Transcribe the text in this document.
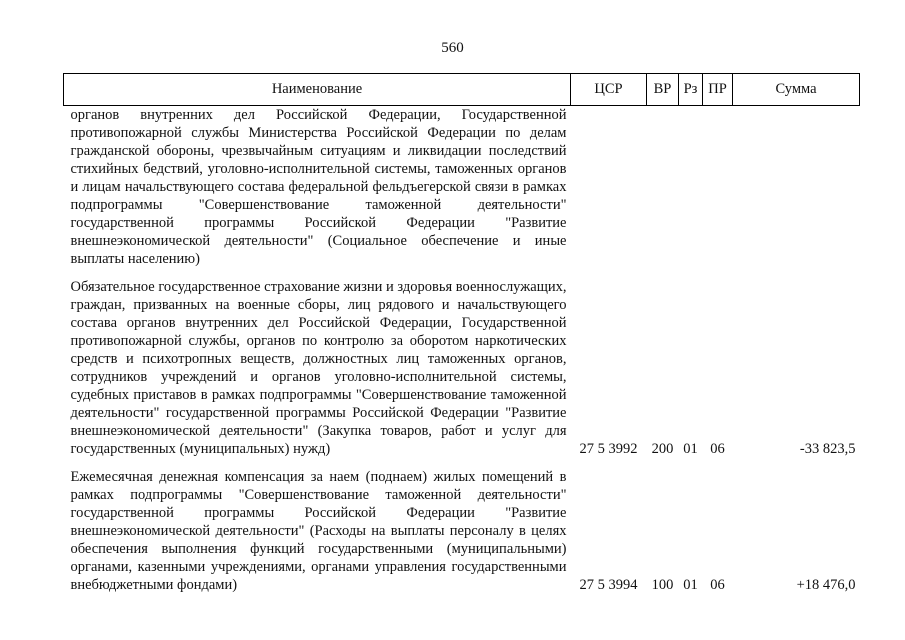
560
Наименование	ЦСР	ВР	Рз	ПР	Сумма

органов внутренних дел Российской Федерации, Государственной противопожарной службы Министерства Российской Федерации по делам гражданской обороны, чрезвычайным ситуациям и ликвидации последствий стихийных бедствий, уголовно-исполнительной системы, таможенных органов и лицам начальствующего состава федеральной фельдъегерской связи в рамках подпрограммы "Совершенствование таможенной деятельности" государственной программы Российской Федерации "Развитие внешнеэкономической деятельности" (Социальное обеспечение и иные выплаты населению)					

Обязательное государственное страхование жизни и здоровья военнослужащих, граждан, призванных на военные сборы, лиц рядового и начальствующего состава органов внутренних дел Российской Федерации, Государственной противопожарной службы, органов по контролю за оборотом наркотических средств и психотропных веществ, должностных лиц таможенных органов, сотрудников учреждений и органов уголовно-исполнительной системы, судебных приставов в рамках подпрограммы "Совершенствование таможенной деятельности" государственной программы Российской Федерации "Развитие внешнеэкономической деятельности" (Закупка товаров, работ и услуг для государственных (муниципальных) нужд)	27 5 3992	200	01	06	-33 823,5

Ежемесячная денежная компенсация за наем (поднаем) жилых помещений в рамках подпрограммы "Совершенствование таможенной деятельности" государственной программы Российской Федерации "Развитие внешнеэкономической деятельности" (Расходы на выплаты персоналу в целях обеспечения выполнения функций государственными (муниципальными) органами, казенными учреждениями, органами управления государственными внебюджетными фондами)	27 5 3994	100	01	06	+18 476,0
